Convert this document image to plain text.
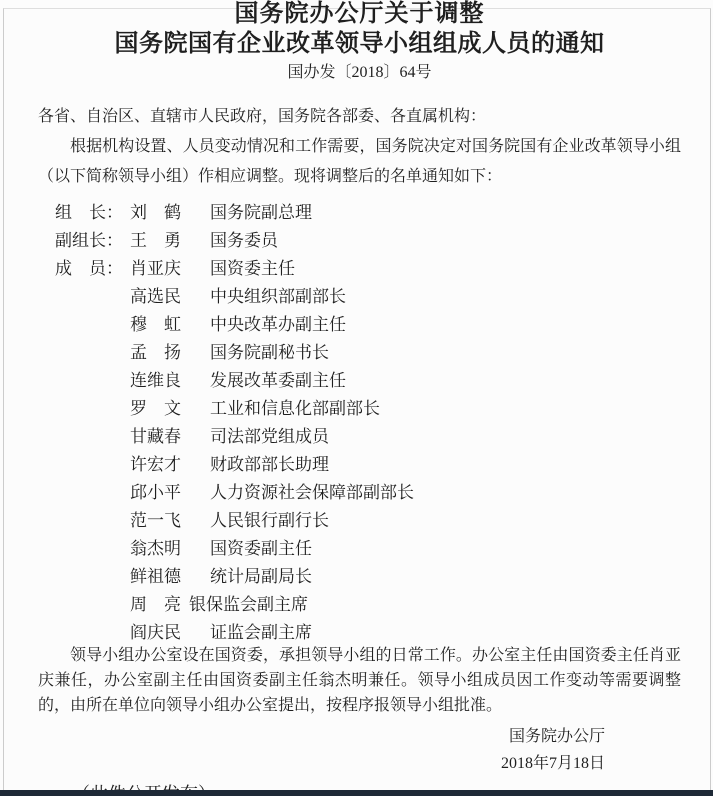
国务院办公厅关于调整
国务院国有企业改革领导小组组成人员的通知
国办发〔2018〕64号
各省、自治区、直辖市人民政府，国务院各部委、各直属机构：

根据机构设置、人员变动情况和工作需要，国务院决定对国务院国有企业改革领导小组（以下简称领导小组）作相应调整。现将调整后的名单通知如下：

组　长： 刘　鹤 国务院副总理
副组长： 王　勇 国务委员
成　员： 肖亚庆 国资委主任
高选民 中央组织部副部长
穆　虹 中央改革办副主任
孟　扬 国务院副秘书长
连维良 发展改革委副主任
罗　文 工业和信息化部副部长
甘藏春 司法部党组成员
许宏才 财政部部长助理
邱小平 人力资源社会保障部副部长
范一飞 人民银行副行长
翁杰明 国资委副主任
鲜祖德 统计局副局长
周　亮 银保监会副主席
阎庆民 证监会副主席

领导小组办公室设在国资委，承担领导小组的日常工作。办公室主任由国资委主任肖亚庆兼任，办公室副主任由国资委副主任翁杰明兼任。领导小组成员因工作变动等需要调整的，由所在单位向领导小组办公室提出，按程序报领导小组批准。

国务院办公厅
2018年7月18日
